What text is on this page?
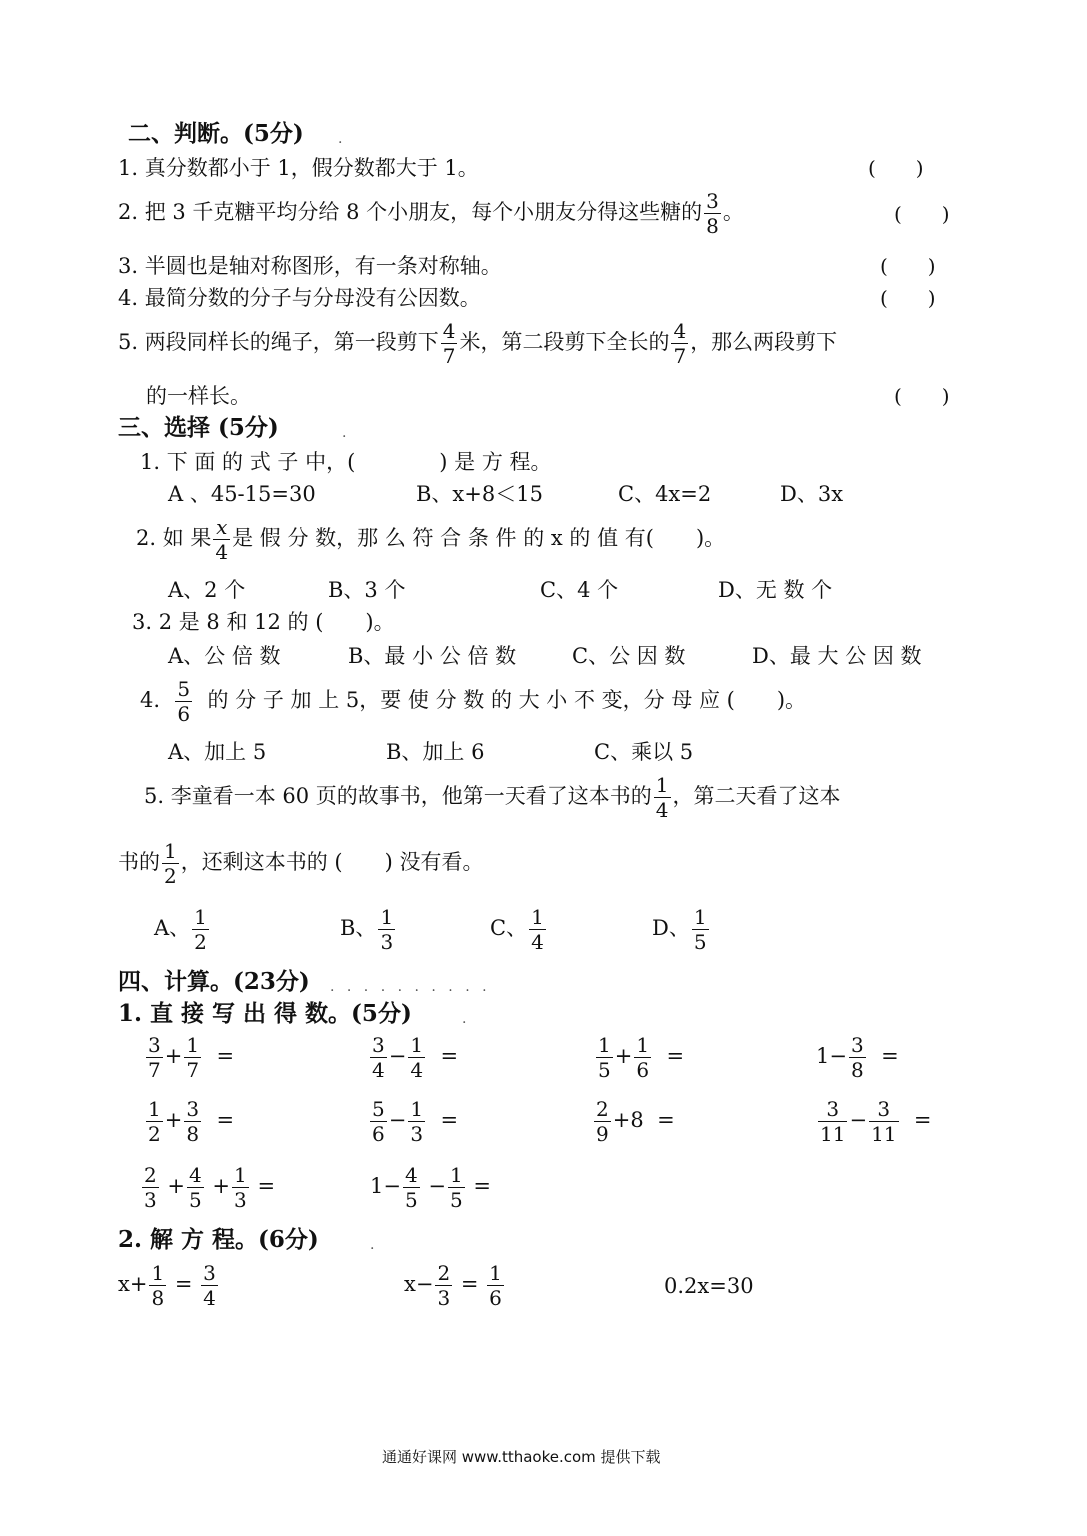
二、判断。(5分) .
1. 真分数都小于 1，假分数都大于 1。	(　　)
2. 把 3 千克糖平均分给 8 个小朋友，每个小朋友分得这些糖的 $\frac{3}{8}$ 。	(　　)
3. 半圆也是轴对称图形，有一条对称轴。	(　　)
4. 最简分数的分子与分母没有公因数。	(　　)
5. 两段同样长的绳子，第一段剪下 $\frac{4}{7}$ 米，第二段剪下全长的 $\frac{4}{7}$ ，那么两段剪下
的一样长。	(　　)
三、选择 (5分)	.
1. 下 面 的 式 子 中，(　　　　) 是 方 程。
A 、45-15=30	B、x+8＜15	C、4x=2	D、3x
2. 如 果 $\frac{x}{4}$ 是 假 分 数，那 么 符 合 条 件 的 x 的 值 有(　　)。
A、2 个	B、3 个	C、4 个	D、无 数 个
3. 2 是 8 和 12 的 (　　)。
A、公 倍 数	B、最 小 公 倍 数	C、公 因 数	D、最 大 公 因 数
4. $\frac{5}{6}$ 的 分 子 加 上 5，要 使 分 数 的 大 小 不 变，分 母 应 (　　)。
A、加上 5	B、加上 6	C、乘以 5
5. 李童看一本 60 页的故事书，他第一天看了这本书的 $\frac{1}{4}$ ，第二天看了这本
书的 $\frac{1}{2}$ ，还剩这本书的 (　　) 没有看。
A、 $\frac{1}{2}$	B、 $\frac{1}{3}$	C、 $\frac{1}{4}$	D、 $\frac{1}{5}$
四、计算。(23分) . . . . . . . . . .
1. 直 接 写 出 得 数。(5分)	.
$\frac{3}{7} + \frac{1}{7}$ =	$\frac{3}{4} - \frac{1}{4}$ =	$\frac{1}{5} + \frac{1}{6}$ =	$1- \frac{3}{8}$ =
$\frac{1}{2} + \frac{3}{8}$ =	$\frac{5}{6} - \frac{1}{3}$ =	$\frac{2}{9} +8$ =	$\frac{3}{11} - \frac{3}{11}$ =
$\frac{2}{3} + \frac{4}{5} + \frac{1}{3}$ =	$1- \frac{4}{5} - \frac{1}{5}$ =
2. 解 方 程。(6分)	.
$x+ \frac{1}{8} = \frac{3}{4}$	$x- \frac{2}{3} = \frac{1}{6}$	0.2x=30
通通好课网 www.tthaoke.com 提供下载
